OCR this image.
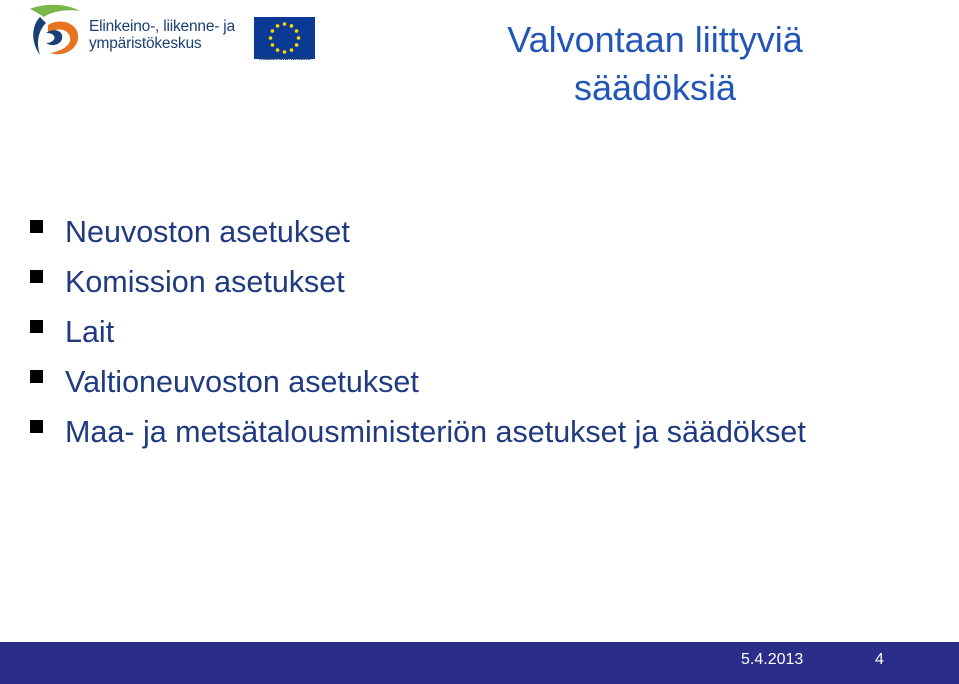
Elinkeino-, liikenne- ja
ympäristökeskus
maaseuturahasto	Valvontaan liittyviä
säädöksiä
Neuvoston asetukset
Komission asetukset
Lait
Valtioneuvoston asetukset
Maa- ja metsätalousministeriön asetukset ja säädökset
5.4.2013	4
